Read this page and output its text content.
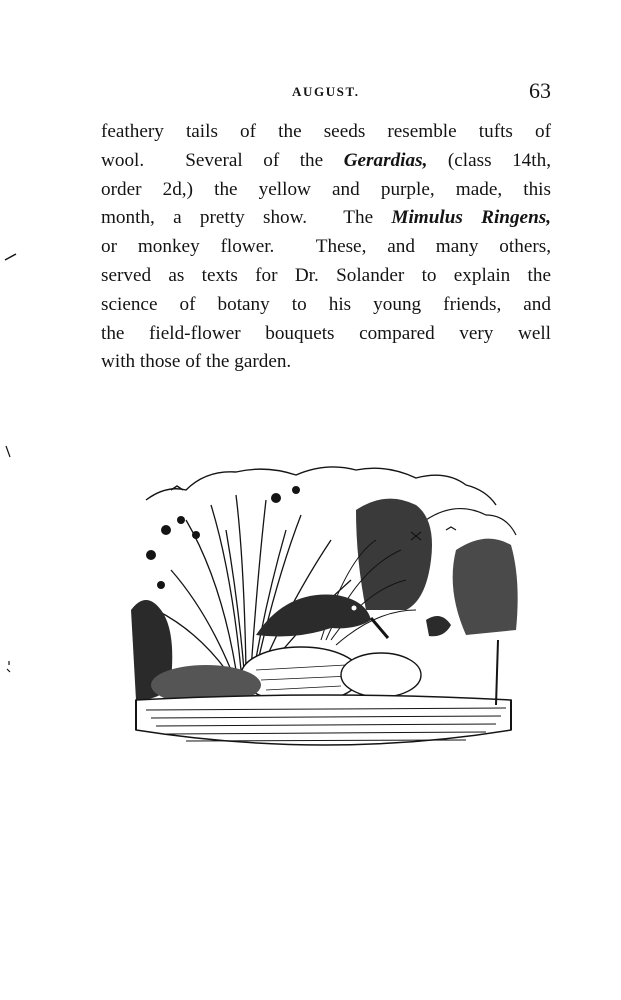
AUGUST.	63
feathery tails of the seeds resemble tufts of
wool.  Several of the Gerardias, (class 14th,
order 2d,) the yellow and purple, made, this
month, a pretty show.  The Mimulus Ringens,
or monkey flower.  These, and many others,
served as texts for Dr. Solander to explain the
science of botany to his young friends, and
the field-flower bouquets compared very well
with those of the garden.
